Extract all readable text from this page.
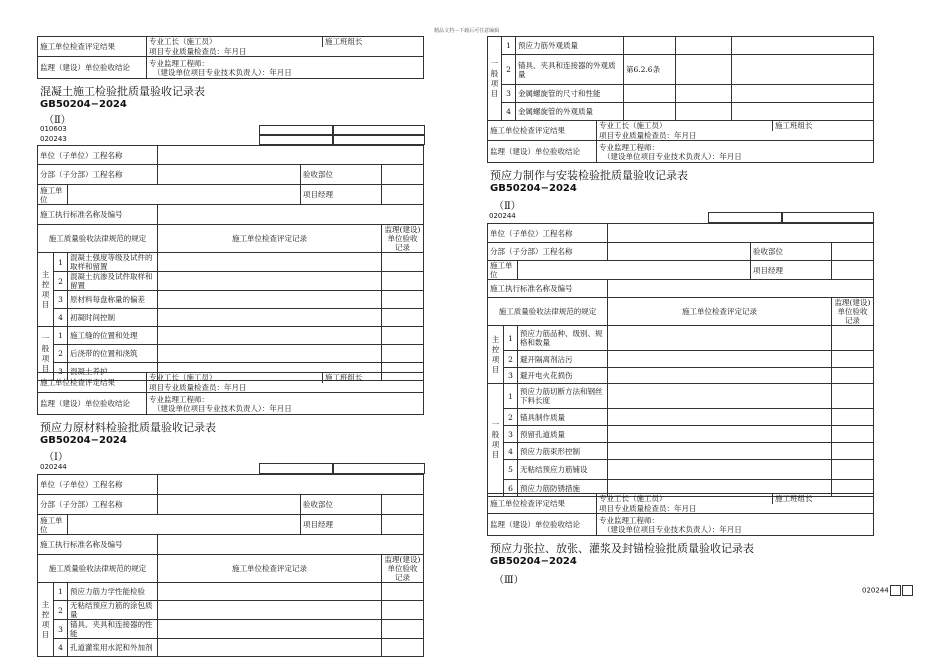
精品文档---下载后可任意编辑
施工单位检查评定结果	专业工长（施工员）	施工班组长
	项目专业质量检查员：年月日	
监理（建设）单位验收结论	专业监理工程师：
（建设单位项目专业技术负责人）：年月日	
混凝土施工检验批质量验收记录表
GB50204−2024
（Ⅱ）
010603
020243
单位（子单位）工程名称					
分部（子分部）工程名称				验收部位	
施工单位				项目经理	
施工执行标准名称及编号					
施工质量验收法律规范的规定			施工单位检查评定记录		监理(建设)单位验收记录
主控项目	1	混凝土强度等级及试件的取样和留置			
	2	混凝土抗渗及试件取样和留置			
	3	原材料每盘称量的偏差			
	4	初凝时间控制			
一般项目	1	施工缝的位置和处理			
	2	后浇带的位置和浇筑			
	3	混凝土养护			
施工单位检查评定结果	专业工长（施工员）	施工班组长
	项目专业质量检查员：年月日	
监理（建设）单位验收结论	专业监理工程师：
（建设单位项目专业技术负责人）：年月日	
预应力原材料检验批质量验收记录表
GB50204−2024
（Ⅰ）
020244
单位（子单位）工程名称					
分部（子分部）工程名称				验收部位	
施工单位				项目经理	
施工执行标准名称及编号					
施工质量验收法律规范的规定			施工单位检查评定记录		监理(建设)单位验收记录
主控项目	1	预应力筋力学性能检验			
	2	无粘结预应力筋的涂包质量			
	3	锚具、夹具和连接器的性能			
	4	孔道灌浆用水泥和外加剂			
一般项目	1	预应力筋外观质量			
	2	锚具、夹具和连接器的外观质量	第6.2.6条		
	3	金属螺旋管的尺寸和性能			
	4	金属螺旋管的外观质量			
施工单位检查评定结果	专业工长（施工员）	施工班组长
	项目专业质量检查员：年月日	
监理（建设）单位验收结论	专业监理工程师：
（建设单位项目专业技术负责人）：年月日	
预应力制作与安装检验批质量验收记录表
GB50204−2024
（Ⅱ）
020244
单位（子单位）工程名称					
分部（子分部）工程名称				验收部位	
施工单位				项目经理	
施工执行标准名称及编号					
施工质量验收法律规范的规定			施工单位检查评定记录		监理(建设)单位验收记录
主控项目	1	预应力筋品种、级别、规格和数量			
	2	避开隔离剂沾污			
	3	避开电火花损伤			
一般项目	1	预应力筋切断方法和钢丝下料长度			
	2	锚具制作质量			
	3	预留孔道质量			
	4	预应力筋束形控制			
	5	无粘结预应力筋铺设			
	6	预应力筋防锈措施			
施工单位检查评定结果	专业工长（施工员）	施工班组长
	项目专业质量检查员：年月日	
监理（建设）单位验收结论	专业监理工程师：
（建设单位项目专业技术负责人）：年月日	
预应力张拉、放张、灌浆及封锚检验批质量验收记录表
GB50204−2024
（Ⅲ）
020244
